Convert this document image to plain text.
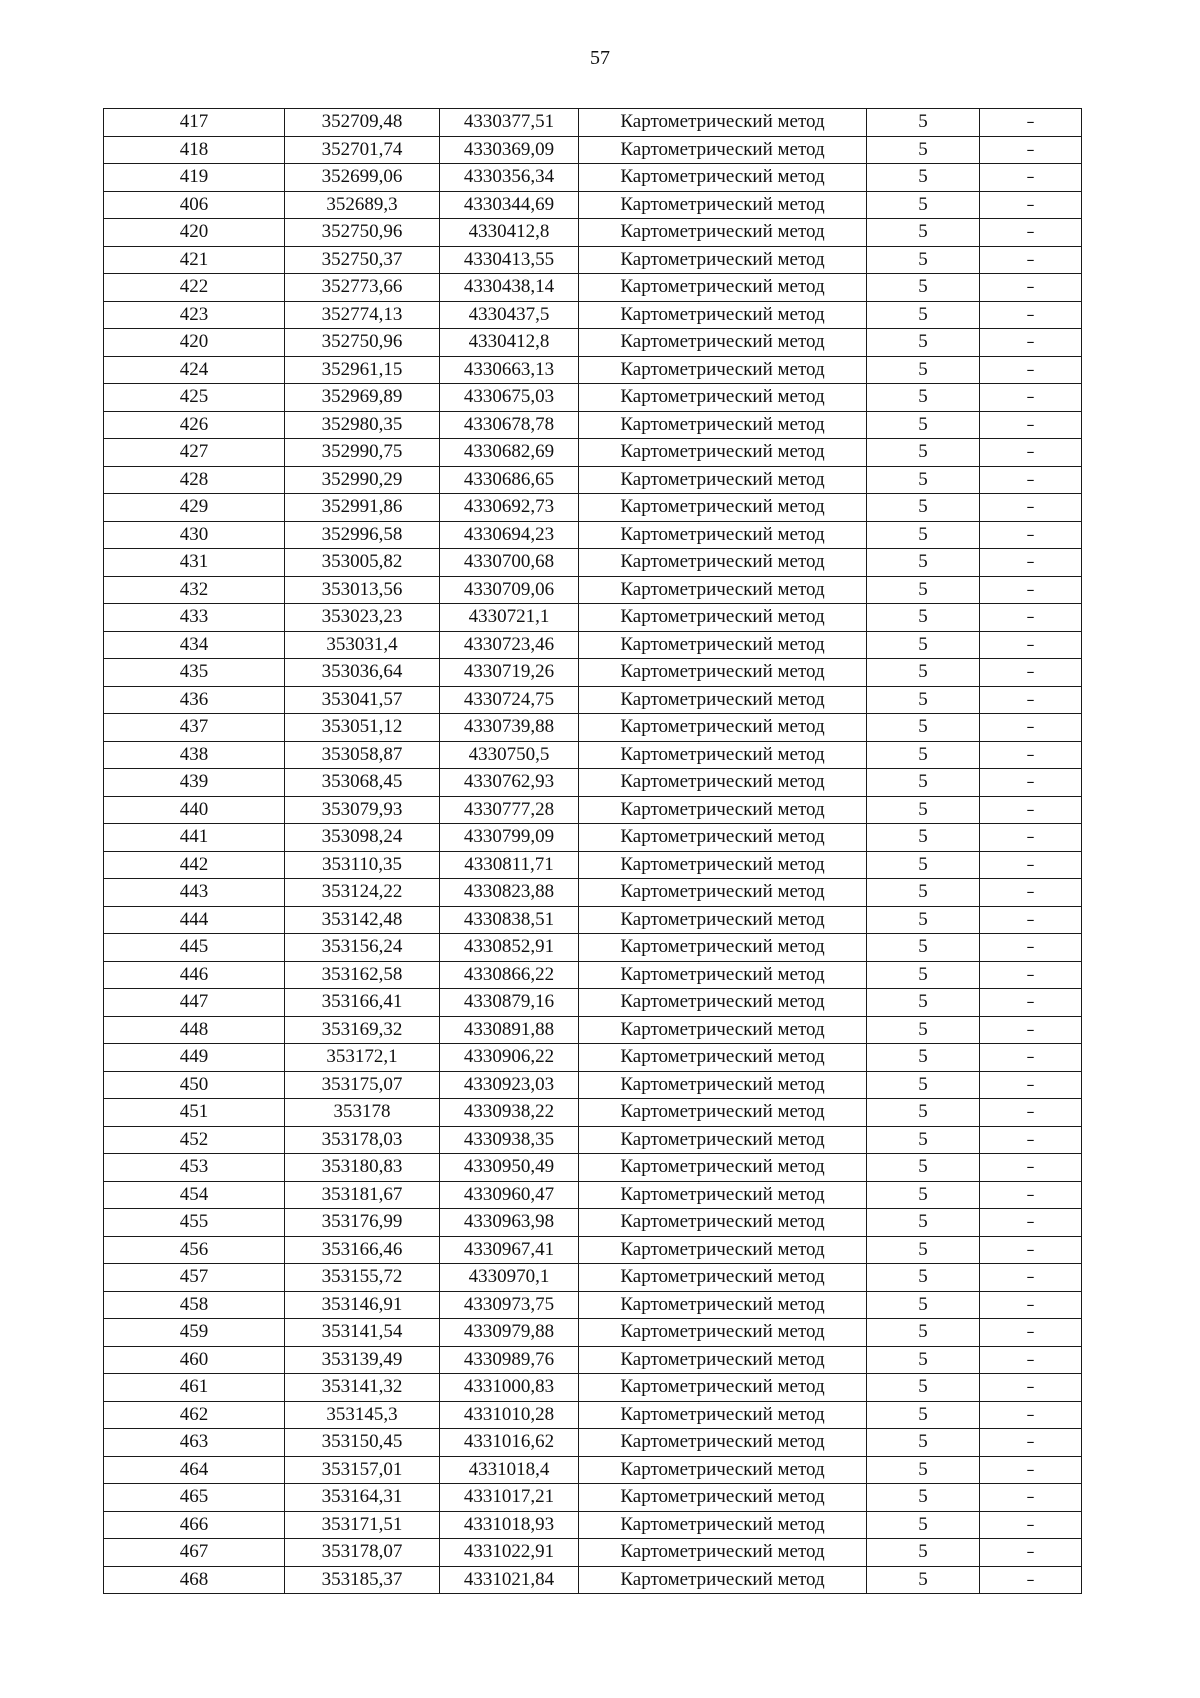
57
417	352709,48	4330377,51	Картометрический метод	5	–
418	352701,74	4330369,09	Картометрический метод	5	–
419	352699,06	4330356,34	Картометрический метод	5	–
406	352689,3	4330344,69	Картометрический метод	5	–
420	352750,96	4330412,8	Картометрический метод	5	–
421	352750,37	4330413,55	Картометрический метод	5	–
422	352773,66	4330438,14	Картометрический метод	5	–
423	352774,13	4330437,5	Картометрический метод	5	–
420	352750,96	4330412,8	Картометрический метод	5	–
424	352961,15	4330663,13	Картометрический метод	5	–
425	352969,89	4330675,03	Картометрический метод	5	–
426	352980,35	4330678,78	Картометрический метод	5	–
427	352990,75	4330682,69	Картометрический метод	5	–
428	352990,29	4330686,65	Картометрический метод	5	–
429	352991,86	4330692,73	Картометрический метод	5	–
430	352996,58	4330694,23	Картометрический метод	5	–
431	353005,82	4330700,68	Картометрический метод	5	–
432	353013,56	4330709,06	Картометрический метод	5	–
433	353023,23	4330721,1	Картометрический метод	5	–
434	353031,4	4330723,46	Картометрический метод	5	–
435	353036,64	4330719,26	Картометрический метод	5	–
436	353041,57	4330724,75	Картометрический метод	5	–
437	353051,12	4330739,88	Картометрический метод	5	–
438	353058,87	4330750,5	Картометрический метод	5	–
439	353068,45	4330762,93	Картометрический метод	5	–
440	353079,93	4330777,28	Картометрический метод	5	–
441	353098,24	4330799,09	Картометрический метод	5	–
442	353110,35	4330811,71	Картометрический метод	5	–
443	353124,22	4330823,88	Картометрический метод	5	–
444	353142,48	4330838,51	Картометрический метод	5	–
445	353156,24	4330852,91	Картометрический метод	5	–
446	353162,58	4330866,22	Картометрический метод	5	–
447	353166,41	4330879,16	Картометрический метод	5	–
448	353169,32	4330891,88	Картометрический метод	5	–
449	353172,1	4330906,22	Картометрический метод	5	–
450	353175,07	4330923,03	Картометрический метод	5	–
451	353178	4330938,22	Картометрический метод	5	–
452	353178,03	4330938,35	Картометрический метод	5	–
453	353180,83	4330950,49	Картометрический метод	5	–
454	353181,67	4330960,47	Картометрический метод	5	–
455	353176,99	4330963,98	Картометрический метод	5	–
456	353166,46	4330967,41	Картометрический метод	5	–
457	353155,72	4330970,1	Картометрический метод	5	–
458	353146,91	4330973,75	Картометрический метод	5	–
459	353141,54	4330979,88	Картометрический метод	5	–
460	353139,49	4330989,76	Картометрический метод	5	–
461	353141,32	4331000,83	Картометрический метод	5	–
462	353145,3	4331010,28	Картометрический метод	5	–
463	353150,45	4331016,62	Картометрический метод	5	–
464	353157,01	4331018,4	Картометрический метод	5	–
465	353164,31	4331017,21	Картометрический метод	5	–
466	353171,51	4331018,93	Картометрический метод	5	–
467	353178,07	4331022,91	Картометрический метод	5	–
468	353185,37	4331021,84	Картометрический метод	5	–
